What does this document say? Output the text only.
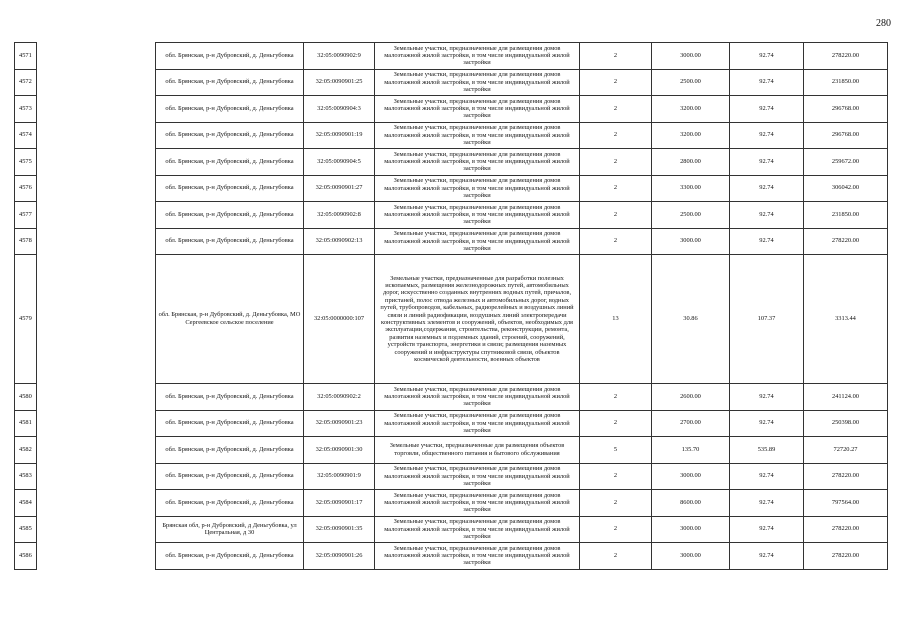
280
4571		обл. Брянская, р-н Дубровский, д. Деньгубовка	32:05:0090902:9	Земельные участки, предназначенные для размещения домов малоэтажной жилой застройки, в том числе индивидуальной жилой застройки	2	3000.00	92.74	278220.00
4572		обл. Брянская, р-н Дубровский, д. Деньгубовка	32:05:0090901:25	Земельные участки, предназначенные для размещения домов малоэтажной жилой застройки, в том числе индивидуальной жилой застройки	2	2500.00	92.74	231850.00
4573		обл. Брянская, р-н Дубровский, д. Деньгубовка	32:05:0090904:3	Земельные участки, предназначенные для размещения домов малоэтажной жилой застройки, в том числе индивидуальной жилой застройки	2	3200.00	92.74	296768.00
4574		обл. Брянская, р-н Дубровский, д. Деньгубовка	32:05:0090901:19	Земельные участки, предназначенные для размещения домов малоэтажной жилой застройки, в том числе индивидуальной жилой застройки	2	3200.00	92.74	296768.00
4575		обл. Брянская, р-н Дубровский, д. Деньгубовка	32:05:0090904:5	Земельные участки, предназначенные для размещения домов малоэтажной жилой застройки, в том числе индивидуальной жилой застройки	2	2800.00	92.74	259672.00
4576		обл. Брянская, р-н Дубровский, д. Деньгубовка	32:05:0090901:27	Земельные участки, предназначенные для размещения домов малоэтажной жилой застройки, в том числе индивидуальной жилой застройки	2	3300.00	92.74	306042.00
4577		обл. Брянская, р-н Дубровский, д. Деньгубовка	32:05:0090902:8	Земельные участки, предназначенные для размещения домов малоэтажной жилой застройки, в том числе индивидуальной жилой застройки	2	2500.00	92.74	231850.00
4578		обл. Брянская, р-н Дубровский, д. Деньгубовка	32:05:0090902:13	Земельные участки, предназначенные для размещения домов малоэтажной жилой застройки, в том числе индивидуальной жилой застройки	2	3000.00	92.74	278220.00
4579		обл. Брянская, р-н Дубровский, д. Деньгубовка, МО Сергеевское сельское поселение	32:05:0000000:107	Земельные участки, предназначенные для разработки полезных ископаемых, размещения железнодорожных путей, автомобильных дорог, искусственно созданных внутренних водных путей, причалов, пристаней, полос отвода железных и автомобильных дорог, водных путей, трубопроводов, кабельных, радиорелейных и воздушных линий связи и линий радиофикации, воздушных линий электропередачи конструктивных элементов и сооружений, объектов, необходимых для эксплуатации,содержания, строительства, реконструкции, ремонта, развития наземных и подземных зданий, строений, сооружений, устройств транспорта, энергетики и связи; размещения наземных сооружений и инфраструктуры спутниковой связи, объектов космической деятельности, военных объектов	13	30.86	107.37	3313.44
4580		обл. Брянская, р-н Дубровский, д. Деньгубовка	32:05:0090902:2	Земельные участки, предназначенные для размещения домов малоэтажной жилой застройки, в том числе индивидуальной жилой застройки	2	2600.00	92.74	241124.00
4581		обл. Брянская, р-н Дубровский, д. Деньгубовка	32:05:0090901:23	Земельные участки, предназначенные для размещения домов малоэтажной жилой застройки, в том числе индивидуальной жилой застройки	2	2700.00	92.74	250398.00
4582		обл. Брянская, р-н Дубровский, д. Деньгубовка	32:05:0090901:30	Земельные участки, предназначенные для размещения объектов торговли, общественного питания и бытового обслуживания	5	135.70	535.89	72720.27
4583		обл. Брянская, р-н Дубровский, д. Деньгубовка	32:05:0090901:9	Земельные участки, предназначенные для размещения домов малоэтажной жилой застройки, в том числе индивидуальной жилой застройки	2	3000.00	92.74	278220.00
4584		обл. Брянская, р-н Дубровский, д. Деньгубовка	32:05:0090901:17	Земельные участки, предназначенные для размещения домов малоэтажной жилой застройки, в том числе индивидуальной жилой застройки	2	8600.00	92.74	797564.00
4585		Брянская обл, р-н Дубровский, д Деньгубовка, ул Центральная, д 30	32:05:0090901:35	Земельные участки, предназначенные для размещения домов малоэтажной жилой застройки, в том числе индивидуальной жилой застройки	2	3000.00	92.74	278220.00
4586		обл. Брянская, р-н Дубровский, д. Деньгубовка	32:05:0090901:26	Земельные участки, предназначенные для размещения домов малоэтажной жилой застройки, в том числе индивидуальной жилой застройки	2	3000.00	92.74	278220.00
